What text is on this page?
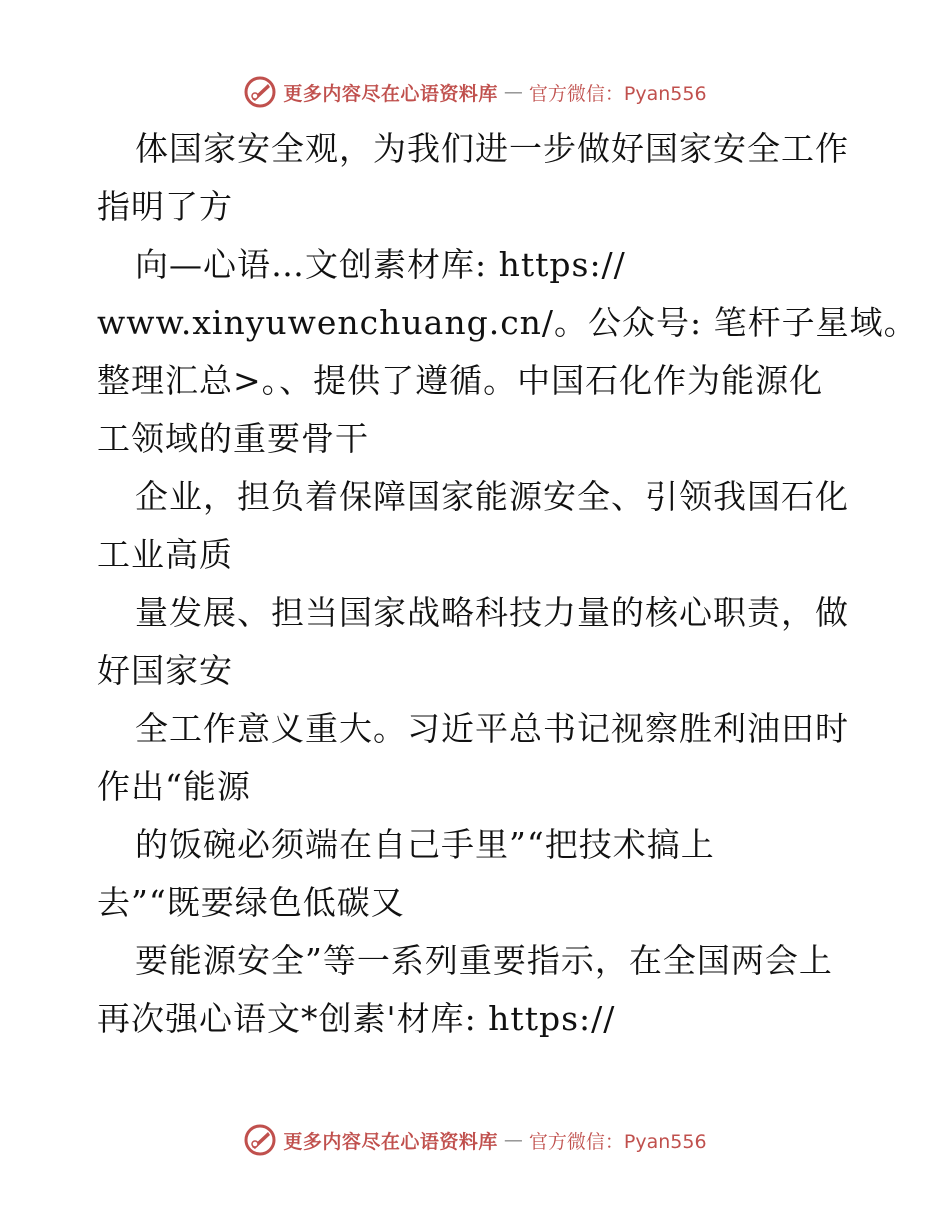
更多内容尽在心语资料库 — 官方微信：Pyan556
体国家安全观，为我们进一步做好国家安全工作
指明了方
向—心语…文创素材库: https://
www.xinyuwenchuang.cn/。公众号: 笔杆子星域。
整理汇总>。、提供了遵循。中国石化作为能源化
工领域的重要骨干
企业，担负着保障国家能源安全、引领我国石化
工业高质
量发展、担当国家战略科技力量的核心职责，做
好国家安
全工作意义重大。习近平总书记视察胜利油田时
作出“能源
的饭碗必须端在自己手里”“把技术搞上
去”“既要绿色低碳又
要能源安全”等一系列重要指示，在全国两会上
再次强心语文*创素'材库: https://
更多内容尽在心语资料库 — 官方微信：Pyan556
